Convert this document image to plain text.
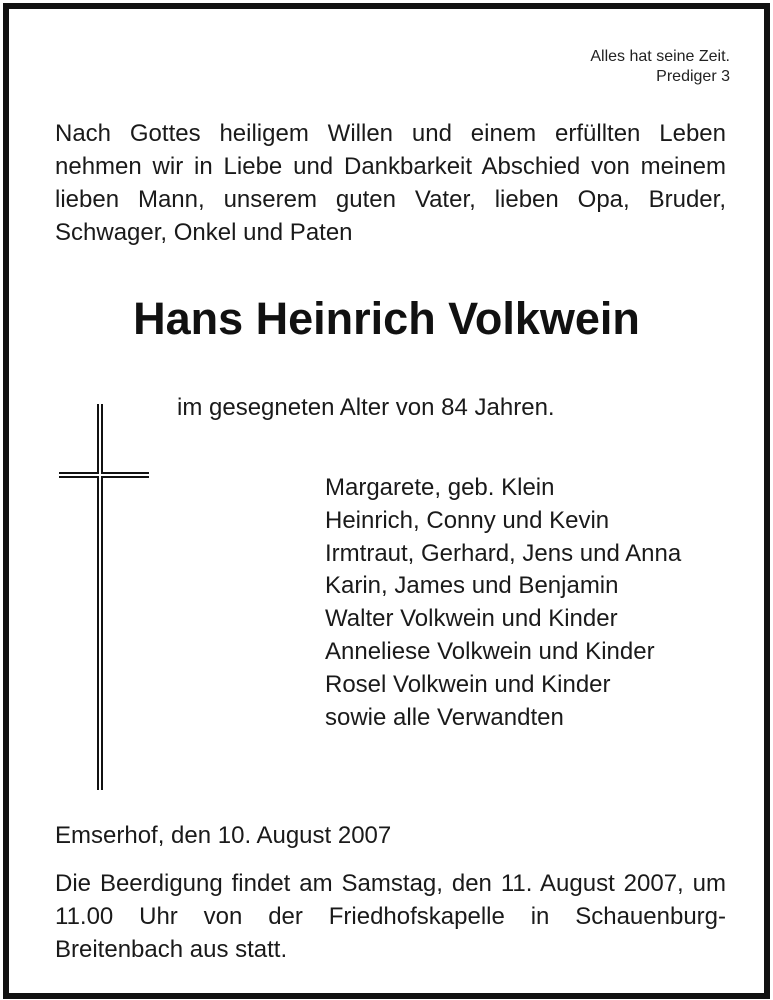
Alles hat seine Zeit.
Prediger 3

Nach Gottes heiligem Willen und einem erfüllten Leben nehmen wir in Liebe und Dankbarkeit Abschied von meinem lieben Mann, unserem guten Vater, lieben Opa, Bruder, Schwager, Onkel und Paten

Hans Heinrich Volkwein
im gesegneten Alter von 84 Jahren.
Margarete, geb. Klein
Heinrich, Conny und Kevin
Irmtraut, Gerhard, Jens und Anna
Karin, James und Benjamin
Walter Volkwein und Kinder
Anneliese Volkwein und Kinder
Rosel Volkwein und Kinder
sowie alle Verwandten
Emserhof, den 10. August 2007

Die Beerdigung findet am Samstag, den 11. August 2007, um 11.00 Uhr von der Friedhofskapelle in Schauenburg-Breitenbach aus statt.
